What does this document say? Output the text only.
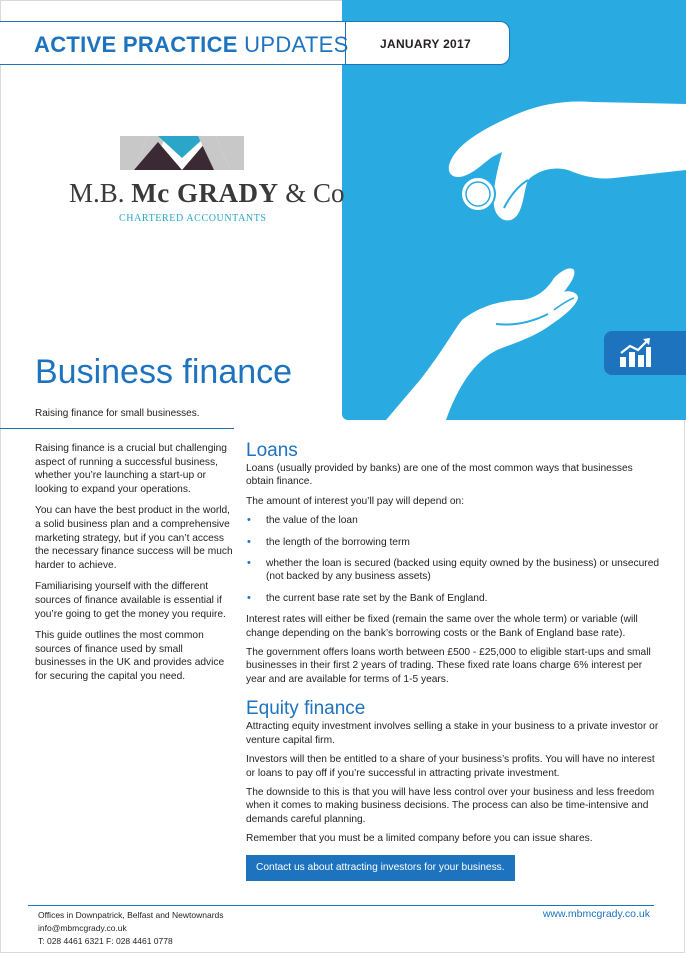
ACTIVE PRACTICE UPDATES	JANUARY 2017
M.B. Mc GRADY & Co
CHARTERED ACCOUNTANTS
Business finance
Raising finance for small businesses.

Raising finance is a crucial but challenging aspect of running a successful business, whether you’re launching a start-up or looking to expand your operations.

You can have the best product in the world, a solid business plan and a comprehensive marketing strategy, but if you can’t access the necessary finance success will be much harder to achieve.

Familiarising yourself with the different sources of finance available is essential if you’re going to get the money you require.

This guide outlines the most common sources of finance used by small businesses in the UK and provides advice for securing the capital you need.

Loans

Loans (usually provided by banks) are one of the most common ways that businesses obtain finance.

The amount of interest you’ll pay will depend on:

• the value of the loan
• the length of the borrowing term
• whether the loan is secured (backed using equity owned by the business) or unsecured (not backed by any business assets)
• the current base rate set by the Bank of England.

Interest rates will either be fixed (remain the same over the whole term) or variable (will change depending on the bank’s borrowing costs or the Bank of England base rate).

The government offers loans worth between £500 - £25,000 to eligible start-ups and small businesses in their first 2 years of trading. These fixed rate loans charge 6% interest per year and are available for terms of 1-5 years.

Equity finance

Attracting equity investment involves selling a stake in your business to a private investor or venture capital firm.

Investors will then be entitled to a share of your business’s profits. You will have no interest or loans to pay off if you’re successful in attracting private investment.

The downside to this is that you will have less control over your business and less freedom when it comes to making business decisions. The process can also be time-intensive and demands careful planning.

Remember that you must be a limited company before you can issue shares.

Contact us about attracting investors for your business.
Offices in Downpatrick, Belfast and Newtownards
info@mbmcgrady.co.uk
T: 028 4461 6321 F: 028 4461 0778
www.mbmcgrady.co.uk
